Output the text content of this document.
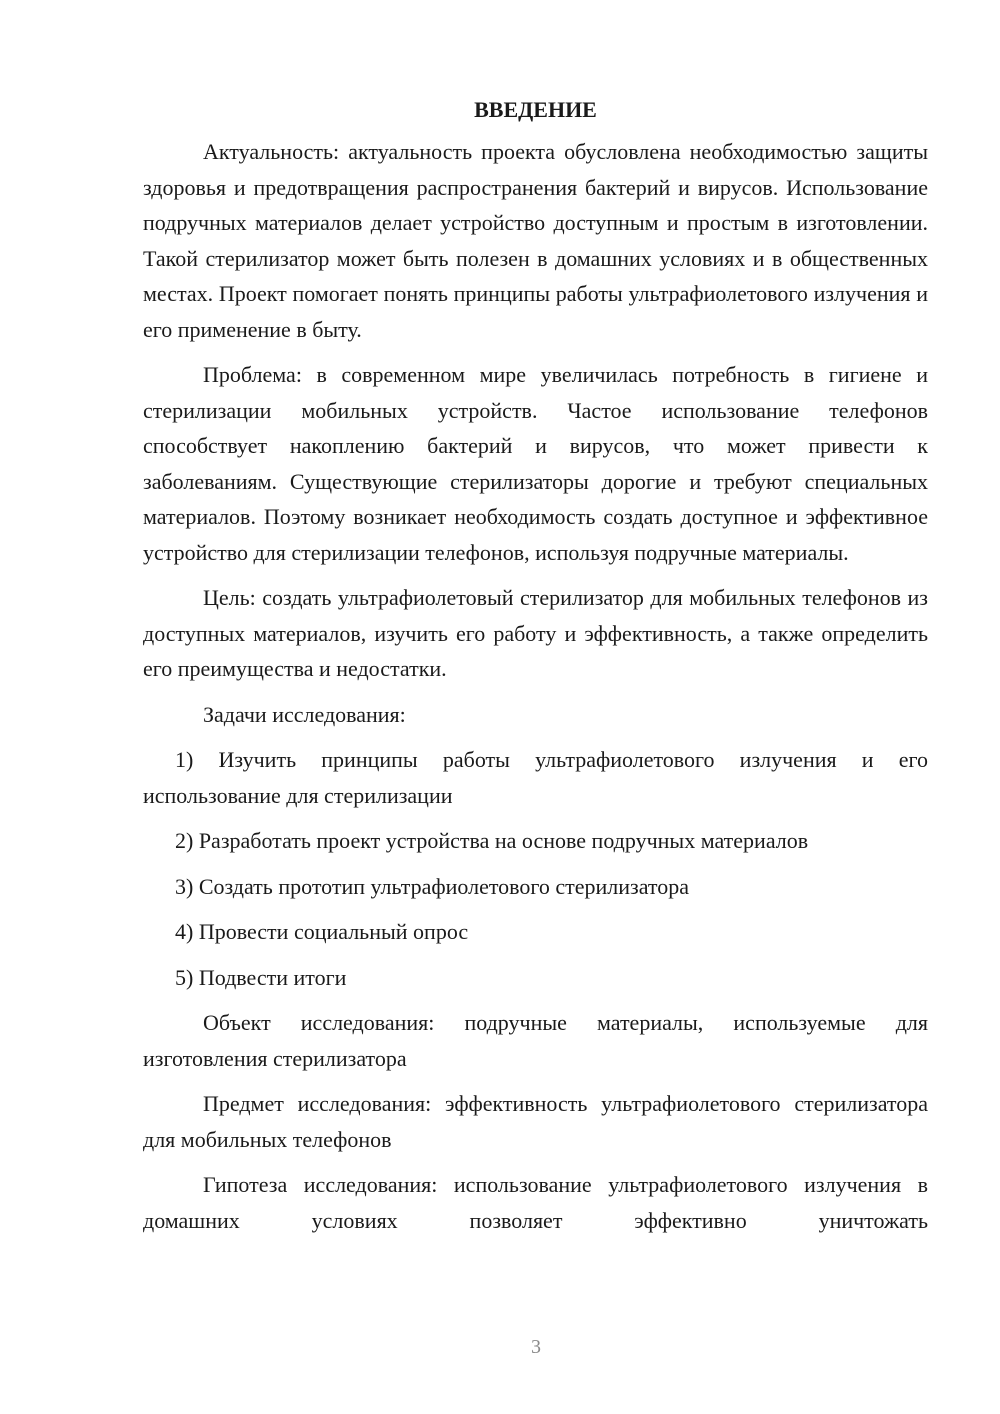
ВВЕДЕНИЕ

Актуальность: актуальность проекта обусловлена необходимостью защиты здоровья и предотвращения распространения бактерий и вирусов. Использование подручных материалов делает устройство доступным и простым в изготовлении. Такой стерилизатор может быть полезен в домашних условиях и в общественных местах. Проект помогает понять принципы работы ультрафиолетового излучения и его применение в быту.

Проблема: в современном мире увеличилась потребность в гигиене и стерилизации мобильных устройств. Частое использование телефонов способствует накоплению бактерий и вирусов, что может привести к заболеваниям. Существующие стерилизаторы дорогие и требуют специальных материалов. Поэтому возникает необходимость создать доступное и эффективное устройство для стерилизации телефонов, используя подручные материалы.

Цель: создать ультрафиолетовый стерилизатор для мобильных телефонов из доступных материалов, изучить его работу и эффективность, а также определить его преимущества и недостатки.

Задачи исследования:

1) Изучить принципы работы ультрафиолетового излучения и его использование для стерилизации

2) Разработать проект устройства на основе подручных материалов

3) Создать прототип ультрафиолетового стерилизатора

4) Провести социальный опрос

5) Подвести итоги

Объект исследования: подручные материалы, используемые для изготовления стерилизатора

Предмет исследования: эффективность ультрафиолетового стерилизатора для мобильных телефонов

Гипотеза исследования: использование ультрафиолетового излучения в домашних условиях позволяет эффективно уничтожать

3
